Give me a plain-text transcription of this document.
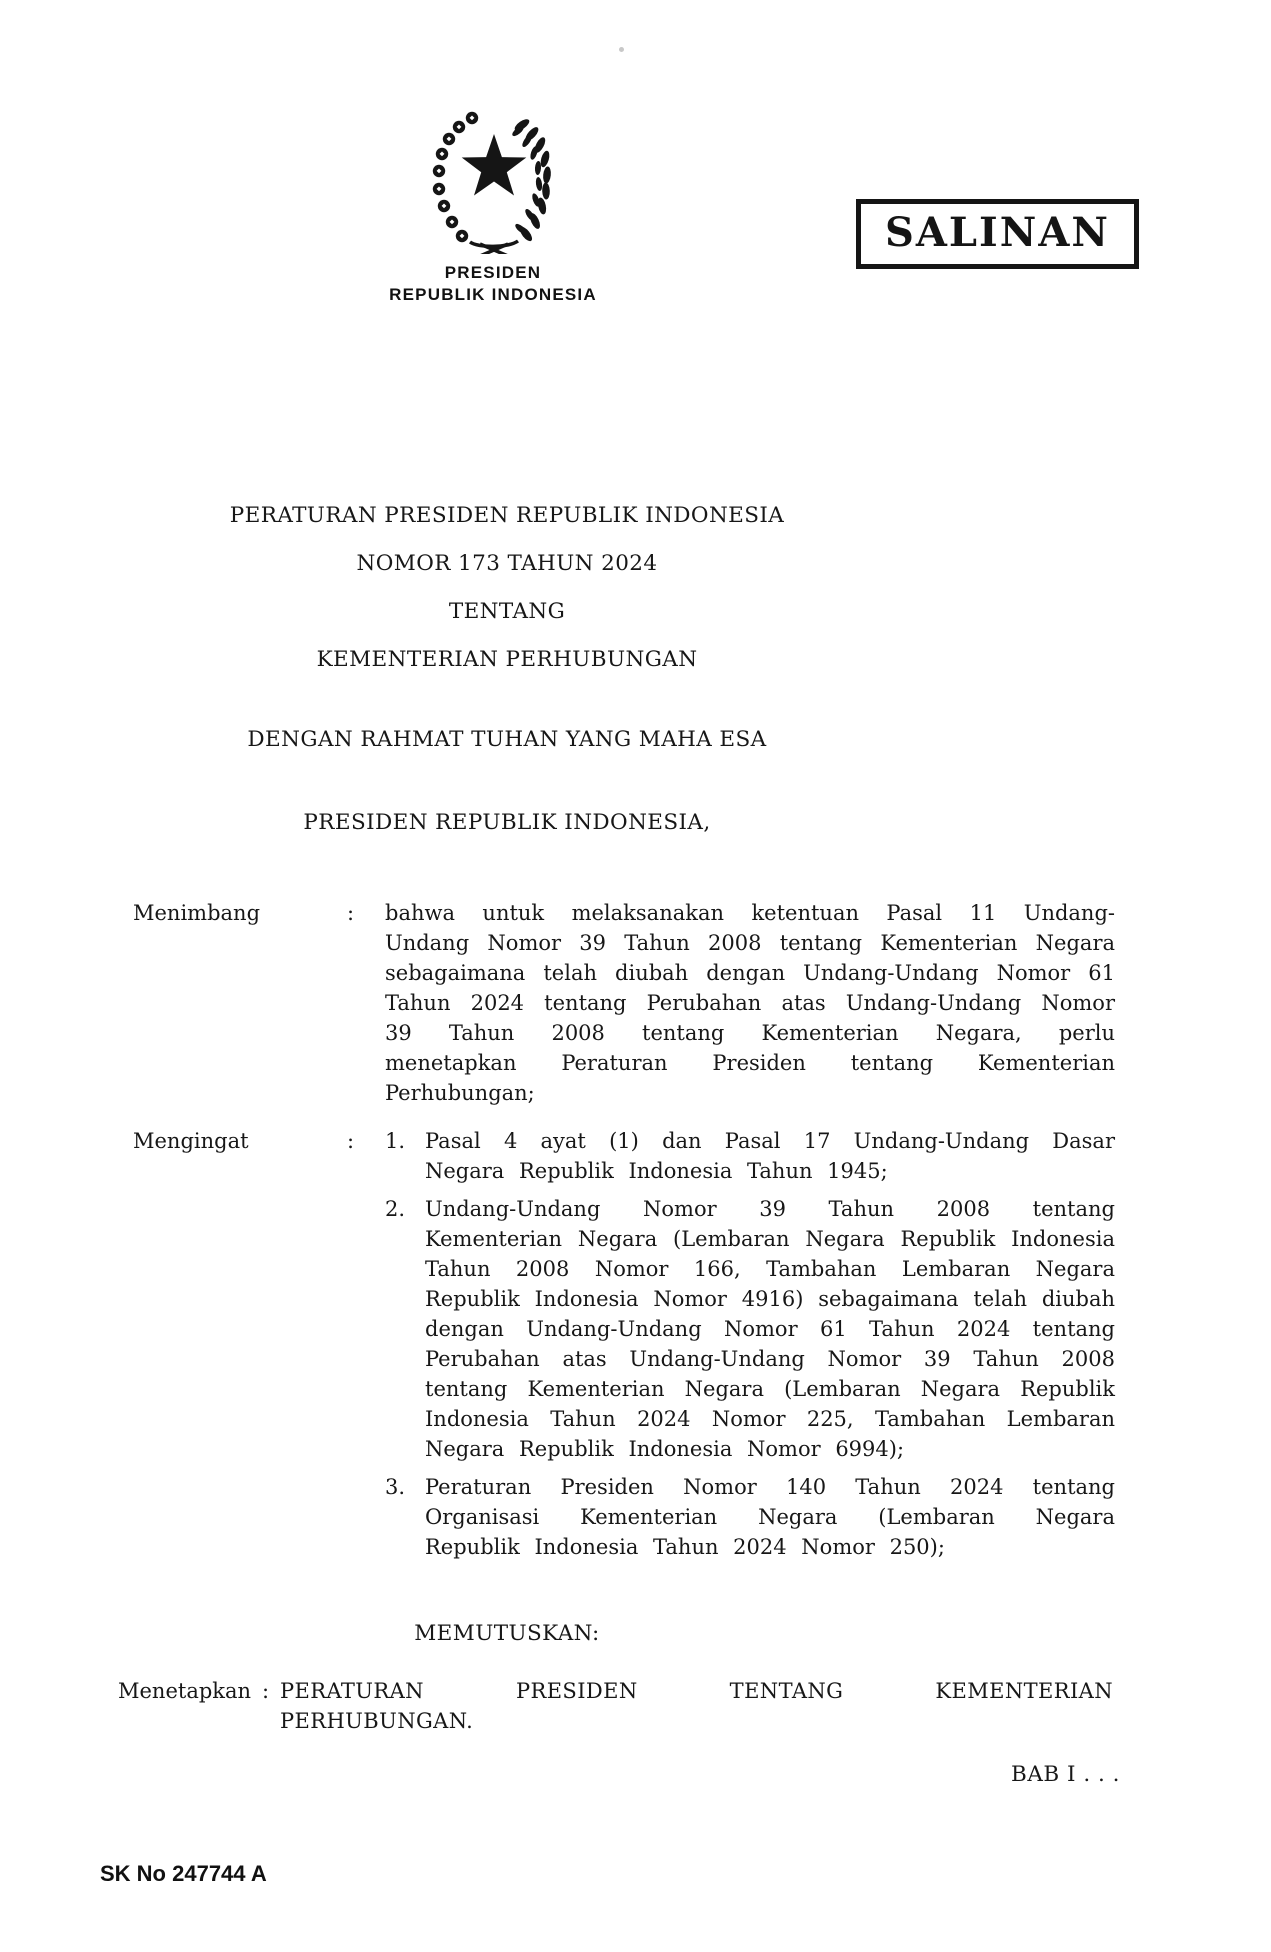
PRESIDEN
REPUBLIK INDONESIA
SALINAN
PERATURAN PRESIDEN REPUBLIK INDONESIA
NOMOR 173 TAHUN 2024
TENTANG
KEMENTERIAN PERHUBUNGAN
DENGAN RAHMAT TUHAN YANG MAHA ESA
PRESIDEN REPUBLIK INDONESIA,
Menimbang	: bahwa untuk melaksanakan ketentuan Pasal 11 Undang-Undang Nomor 39 Tahun 2008 tentang Kementerian Negara sebagaimana telah diubah dengan Undang-Undang Nomor 61 Tahun 2024 tentang Perubahan atas Undang-Undang Nomor 39 Tahun 2008 tentang Kementerian Negara, perlu menetapkan Peraturan Presiden tentang Kementerian Perhubungan;
Mengingat	: 1. Pasal 4 ayat (1) dan Pasal 17 Undang-Undang Dasar Negara Republik Indonesia Tahun 1945;
2. Undang-Undang Nomor 39 Tahun 2008 tentang Kementerian Negara (Lembaran Negara Republik Indonesia Tahun 2008 Nomor 166, Tambahan Lembaran Negara Republik Indonesia Nomor 4916) sebagaimana telah diubah dengan Undang-Undang Nomor 61 Tahun 2024 tentang Perubahan atas Undang-Undang Nomor 39 Tahun 2008 tentang Kementerian Negara (Lembaran Negara Republik Indonesia Tahun 2024 Nomor 225, Tambahan Lembaran Negara Republik Indonesia Nomor 6994);
3. Peraturan Presiden Nomor 140 Tahun 2024 tentang Organisasi Kementerian Negara (Lembaran Negara Republik Indonesia Tahun 2024 Nomor 250);
MEMUTUSKAN:
Menetapkan : PERATURAN PRESIDEN TENTANG KEMENTERIAN PERHUBUNGAN.
BAB I . . .
SK No 247744 A
